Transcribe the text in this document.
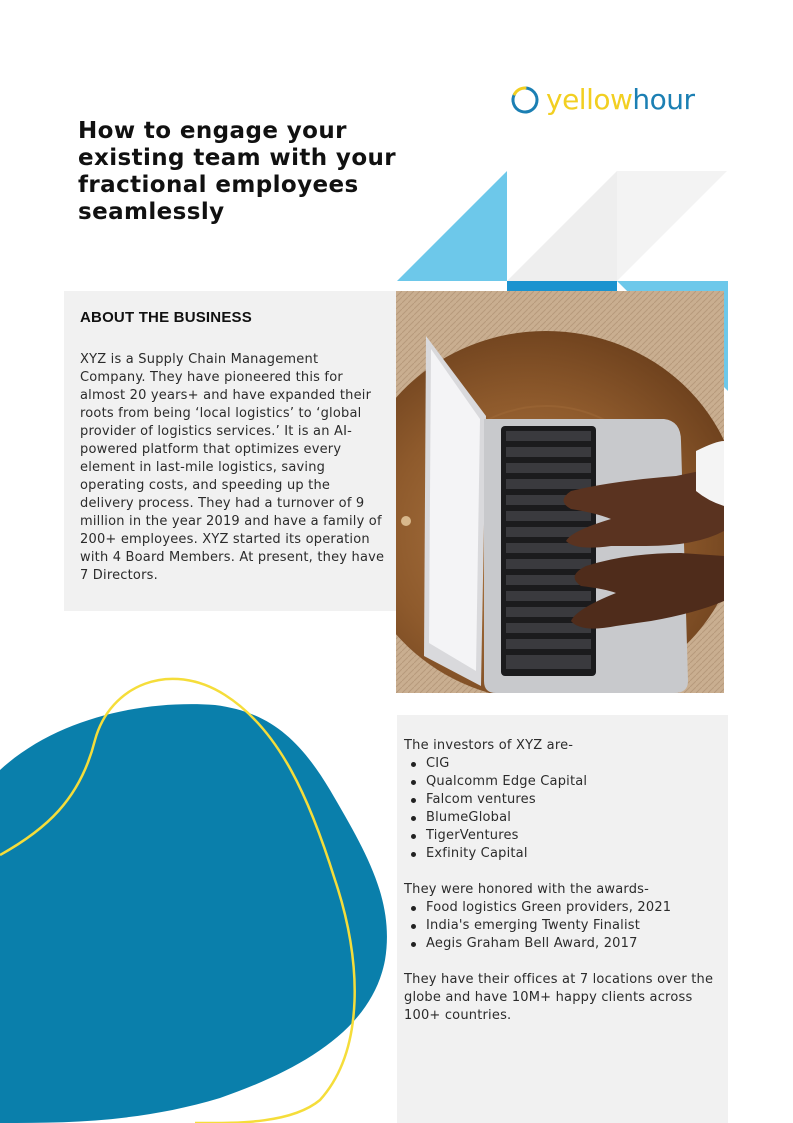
yellowhour
How to engage your existing team with your fractional employees seamlessly
ABOUT THE BUSINESS

XYZ is a Supply Chain Management Company. They have pioneered this for almost 20 years+ and have expanded their roots from being ‘local logistics’ to ‘global provider of logistics services.’ It is an AI-powered platform that optimizes every element in last-mile logistics, saving operating costs, and speeding up the delivery process. They had a turnover of 9 million in the year 2019 and have a family of 200+ employees. XYZ started its operation with 4 Board Members. At present, they have 7 Directors.

The investors of XYZ are-
CIG
Qualcomm Edge Capital
Falcom ventures
BlumeGlobal
TigerVentures
Exfinity Capital
They were honored with the awards-
Food logistics Green providers, 2021
India's emerging Twenty Finalist
Aegis Graham Bell Award, 2017

They have their offices at 7 locations over the globe and have 10M+ happy clients across 100+ countries.
